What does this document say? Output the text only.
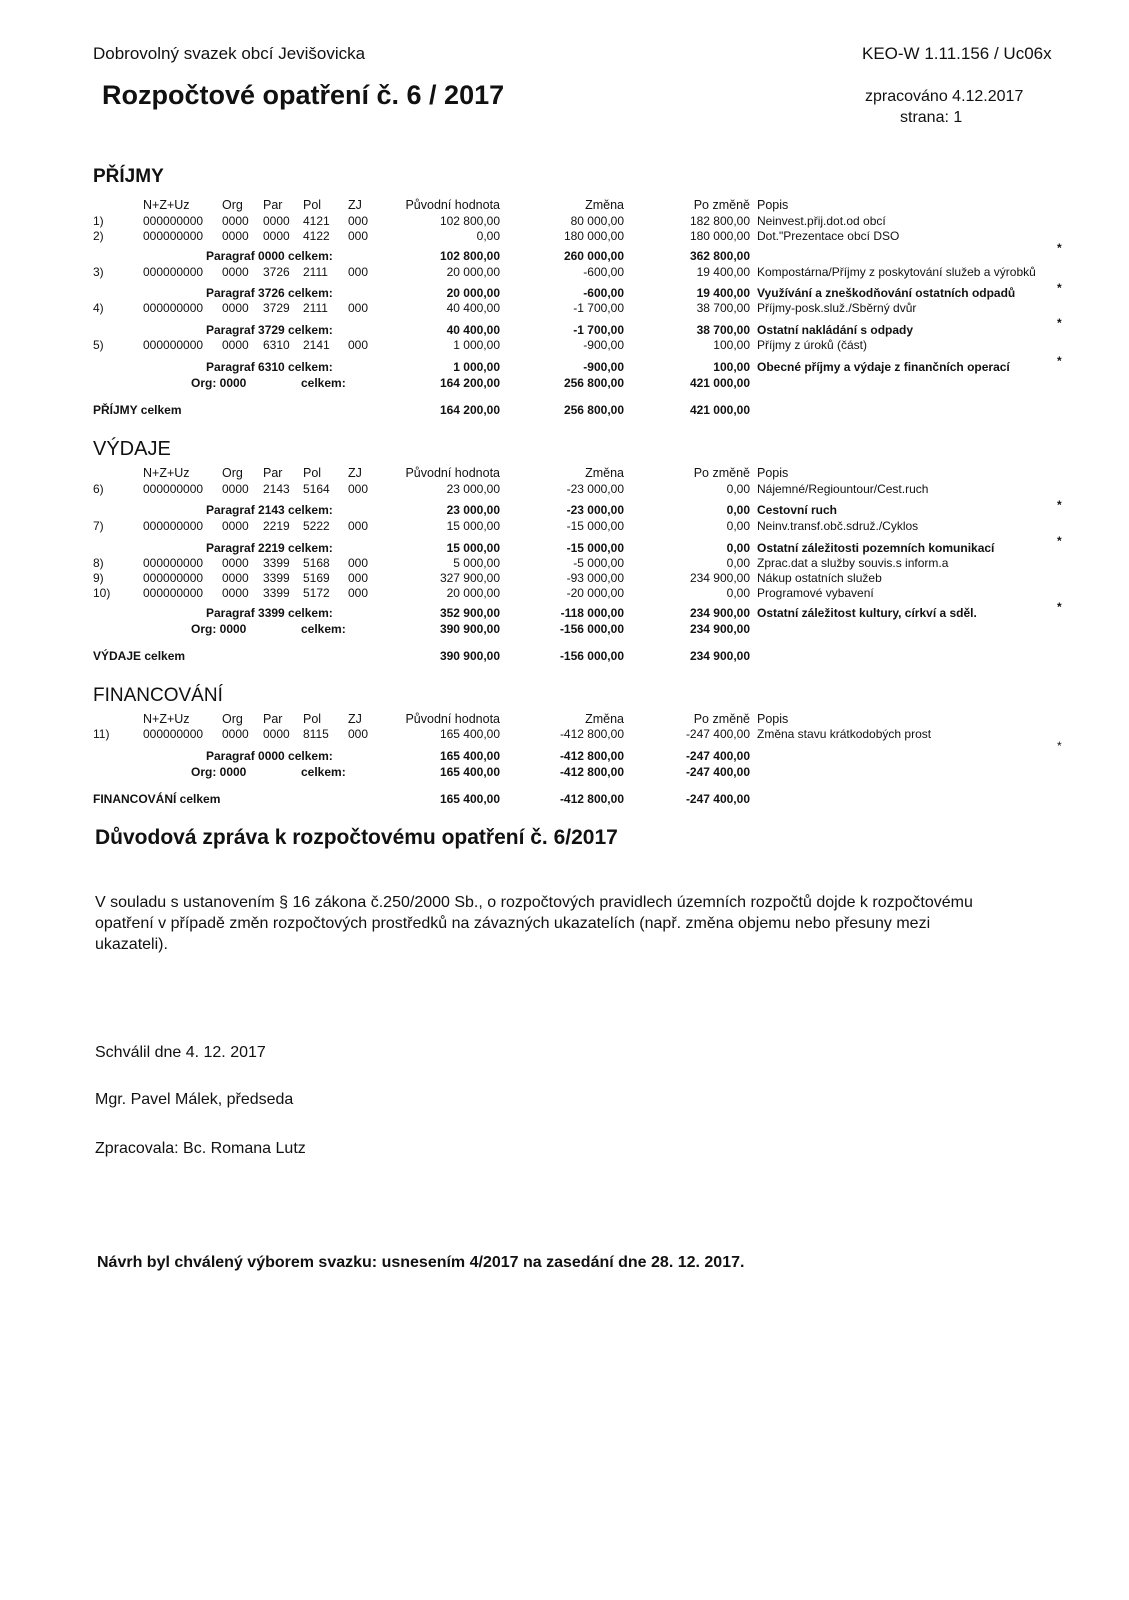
Dobrovolný svazek obcí Jevišovicka	KEO-W 1.11.156 / Uc06x
Rozpočtové opatření č. 6 / 2017	zpracováno 4.12.2017
strana: 1
PŘÍJMY
N+Z+Uz	Org Par Pol ZJ	Původní hodnota	Změna	Po změně Popis
1)	000000000 0000 0000 4121 000	102 800,00	80 000,00	182 800,00 Neinvest.přij.dot.od obcí
2)	000000000 0000 0000 4122 000	0,00	180 000,00	180 000,00 Dot."Prezentace obcí DSO
Paragraf 0000 celkem:	102 800,00	260 000,00	362 800,00
*
3)	000000000 0000 3726 2111 000	20 000,00	-600,00	19 400,00 Kompostárna/Příjmy z poskytování služeb a výrobků
Paragraf 3726 celkem:	20 000,00	-600,00	19 400,00 Využívání a zneškodňování ostatních odpadů	*
4)	000000000 0000 3729 2111 000	40 400,00	-1 700,00	38 700,00 Příjmy-posk.služ./Sběrný dvůr
Paragraf 3729 celkem:	40 400,00	-1 700,00	38 700,00 Ostatní nakládání s odpady	*
5)	000000000 0000 6310 2141 000	1 000,00	-900,00	100,00 Příjmy z úroků (část)
Paragraf 6310 celkem:	1 000,00	-900,00	100,00 Obecné příjmy a výdaje z finančních operací	*
Org: 0000	celkem:	164 200,00	256 800,00	421 000,00
PŘÍJMY celkem	164 200,00	256 800,00	421 000,00
VÝDAJE
N+Z+Uz	Org Par Pol ZJ	Původní hodnota	Změna	Po změně Popis
6)	000000000 0000 2143 5164 000	23 000,00	-23 000,00	0,00 Nájemné/Regiountour/Cest.ruch
Paragraf 2143 celkem:	23 000,00	-23 000,00	0,00 Cestovní ruch	*
7)	000000000 0000 2219 5222 000	15 000,00	-15 000,00	0,00 Neinv.transf.obč.sdruž./Cyklos
Paragraf 2219 celkem:	15 000,00	-15 000,00	0,00 Ostatní záležitosti pozemních komunikací	*
8)	000000000 0000 3399 5168 000	5 000,00	-5 000,00	0,00 Zprac.dat a služby souvis.s inform.a
9)	000000000 0000 3399 5169 000	327 900,00	-93 000,00	234 900,00 Nákup ostatních služeb
10)	000000000 0000 3399 5172 000	20 000,00	-20 000,00	0,00 Programové vybavení
Paragraf 3399 celkem:	352 900,00	-118 000,00	234 900,00 Ostatní záležitost kultury, církví a sděl.	*
Org: 0000	celkem:	390 900,00	-156 000,00	234 900,00
VÝDAJE celkem	390 900,00	-156 000,00	234 900,00
FINANCOVÁNÍ
N+Z+Uz	Org Par Pol ZJ	Původní hodnota	Změna	Po změně Popis
11)	000000000 0000 0000 8115 000	165 400,00	-412 800,00	-247 400,00 Změna stavu krátkodobých prost
*
Paragraf 0000 celkem:	165 400,00	-412 800,00	-247 400,00
Org: 0000	celkem:	165 400,00	-412 800,00	-247 400,00
FINANCOVÁNÍ celkem	165 400,00	-412 800,00	-247 400,00
Důvodová zpráva k rozpočtovému opatření č. 6/2017
V souladu s ustanovením § 16 zákona č.250/2000 Sb., o rozpočtových pravidlech územních rozpočtů dojde k rozpočtovému opatření v případě změn rozpočtových prostředků na závazných ukazatelích (např. změna objemu nebo přesuny mezi ukazateli).
Schválil dne 4. 12. 2017
Mgr. Pavel Málek, předseda
Zpracovala: Bc. Romana Lutz
Návrh byl chválený výborem svazku: usnesením 4/2017 na zasedání dne 28. 12. 2017.
